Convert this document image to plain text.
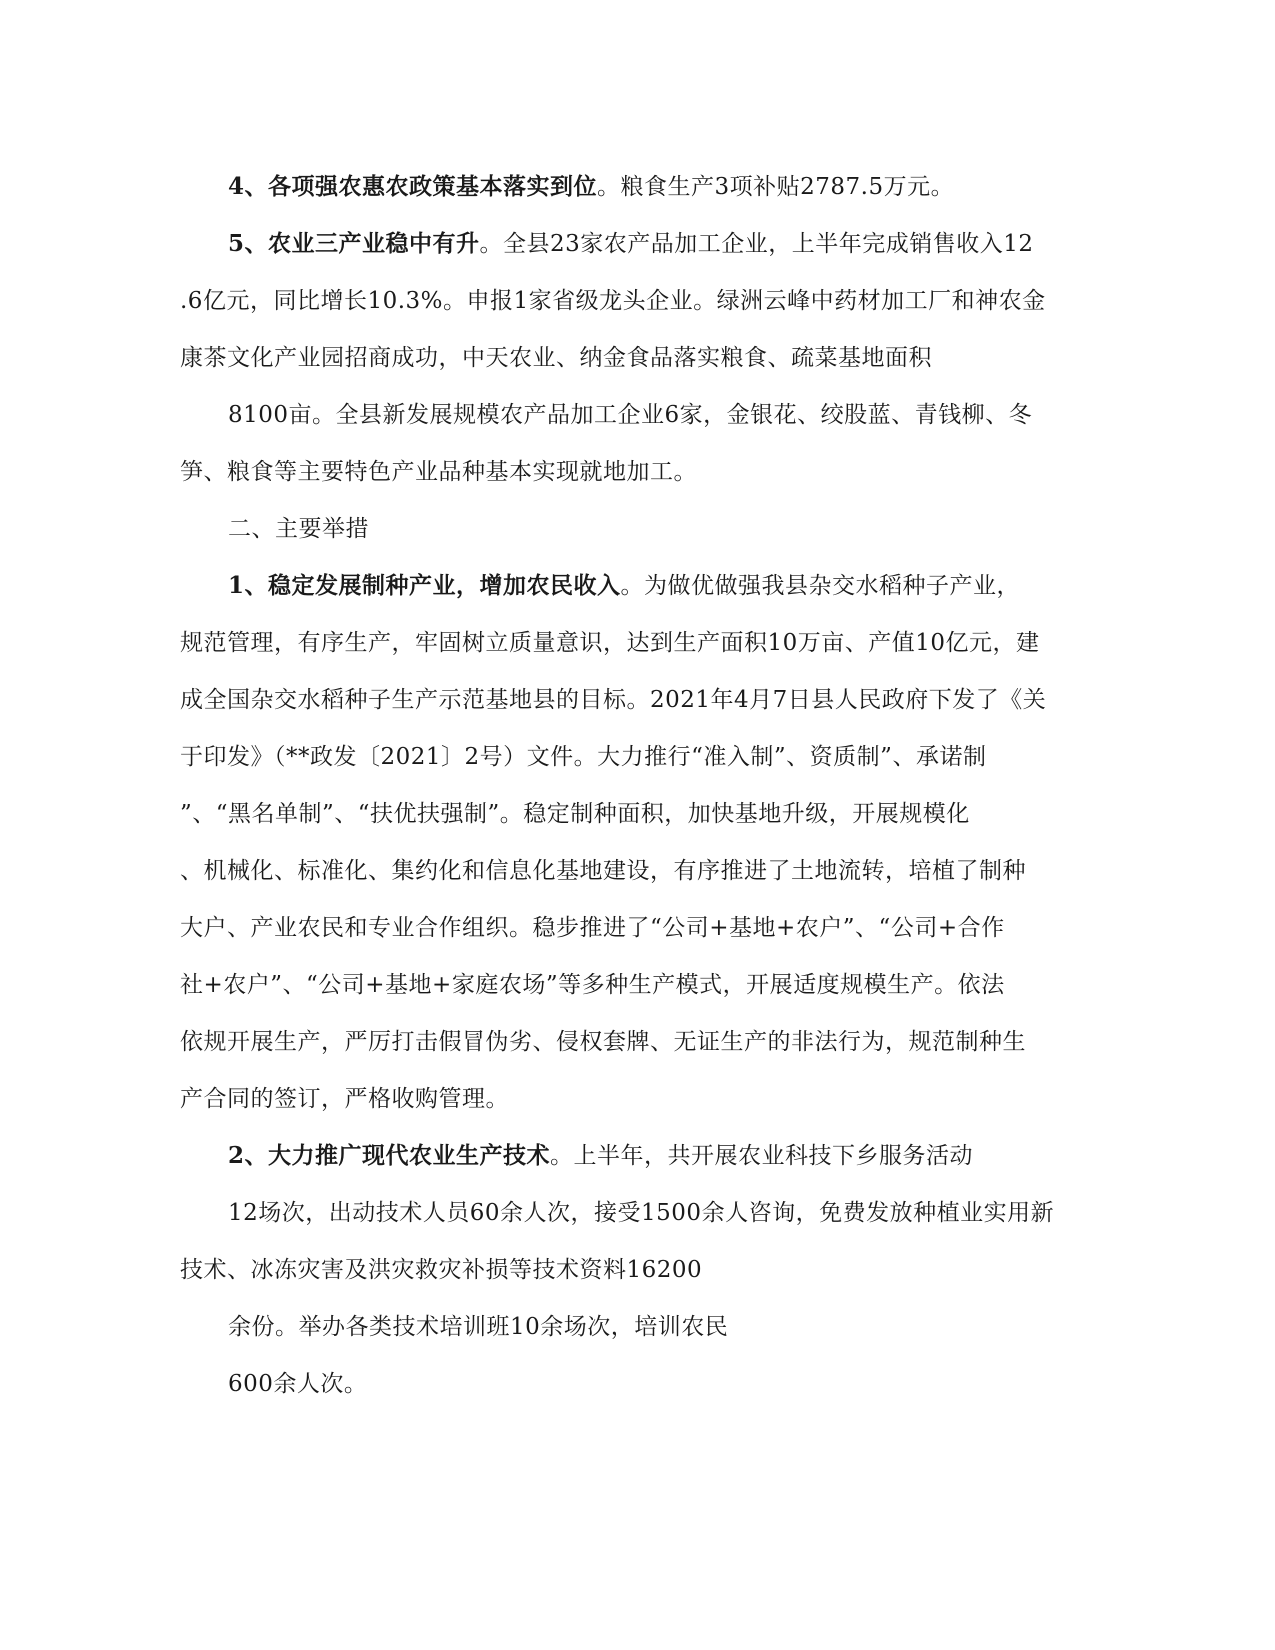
4、各项强农惠农政策基本落实到位。粮食生产3项补贴2787.5万元。
5、农业三产业稳中有升。全县23家农产品加工企业，上半年完成销售收入12
.6亿元，同比增长10.3%。申报1家省级龙头企业。绿洲云峰中药材加工厂和神农金
康茶文化产业园招商成功，中天农业、纳金食品落实粮食、疏菜基地面积
8100亩。全县新发展规模农产品加工企业6家，金银花、绞股蓝、青钱柳、冬
笋、粮食等主要特色产业品种基本实现就地加工。
二、主要举措
1、稳定发展制种产业，增加农民收入。为做优做强我县杂交水稻种子产业，
规范管理，有序生产，牢固树立质量意识，达到生产面积10万亩、产值10亿元，建
成全国杂交水稻种子生产示范基地县的目标。2021年4月7日县人民政府下发了《关
于印发》（**政发〔2021〕2号）文件。大力推行“准入制”、资质制”、承诺制
”、“黑名单制”、“扶优扶强制”。稳定制种面积，加快基地升级，开展规模化
、机械化、标准化、集约化和信息化基地建设，有序推进了土地流转，培植了制种
大户、产业农民和专业合作组织。稳步推进了“公司+基地+农户”、“公司+合作
社+农户”、“公司+基地+家庭农场”等多种生产模式，开展适度规模生产。依法
依规开展生产，严厉打击假冒伪劣、侵权套牌、无证生产的非法行为，规范制种生
产合同的签订，严格收购管理。
2、大力推广现代农业生产技术。上半年，共开展农业科技下乡服务活动
12场次，出动技术人员60余人次，接受1500余人咨询，免费发放种植业实用新
技术、冰冻灾害及洪灾救灾补损等技术资料16200
余份。举办各类技术培训班10余场次，培训农民
600余人次。
